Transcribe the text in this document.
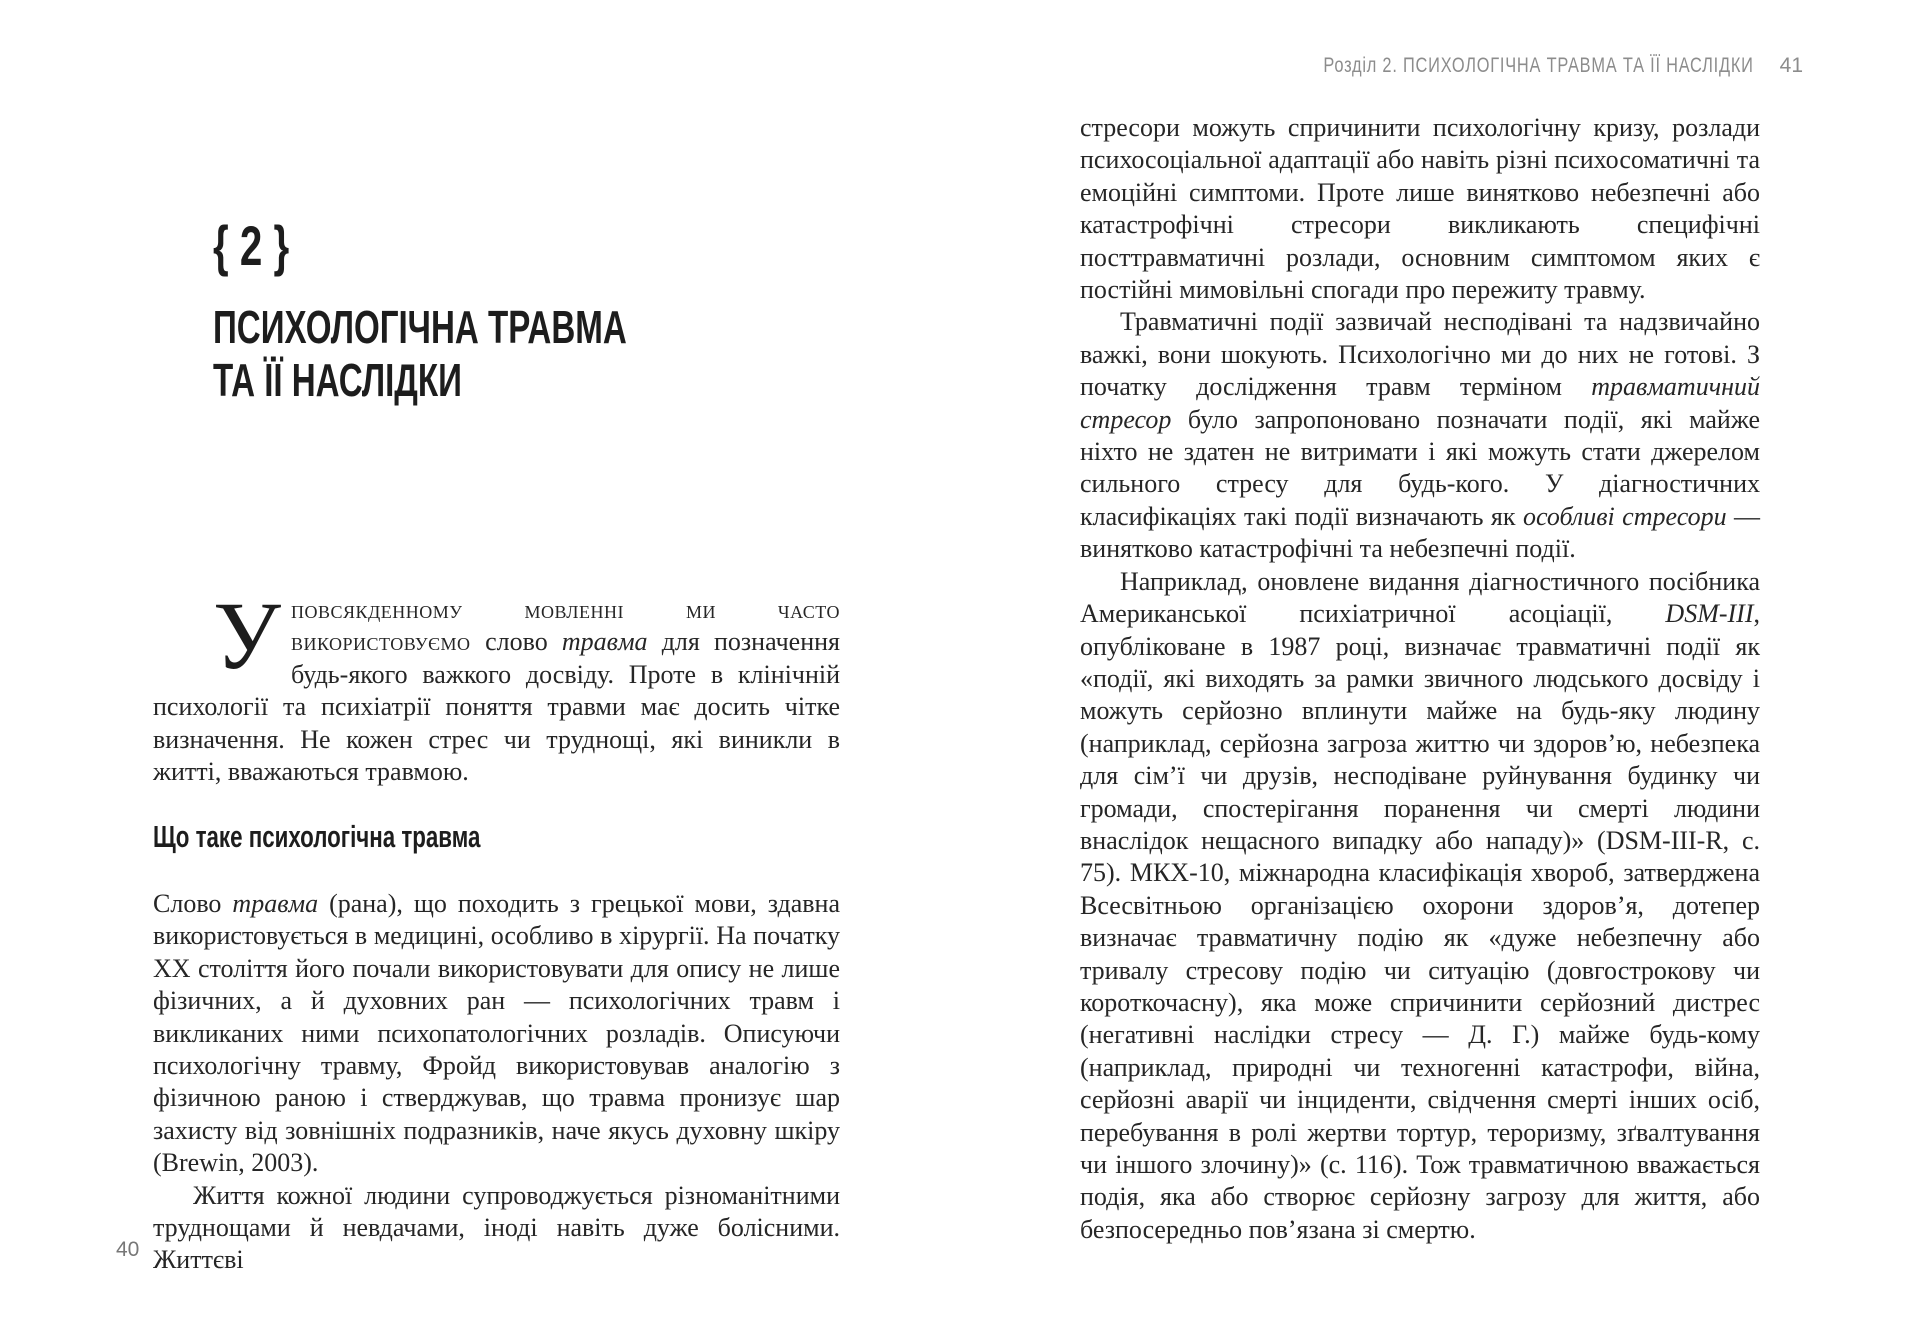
{ 2 }
ПСИХОЛОГІЧНА ТРАВМА
ТА ЇЇ НАСЛІДКИ

Уповсякденному мовленні ми часто використовуємо слово травма для позначення будь-якого важкого досвіду. Проте в клінічній психології та психіатрії поняття травми має досить чітке визначення. Не кожен стрес чи труднощі, які виникли в житті, вважаються травмою.

Що таке психологічна травма

Слово травма (рана), що походить з грецької мови, здавна використовується в медицині, особливо в хірургії. На початку ХХ століття його почали використовувати для опису не лише фізичних, а й духовних ран — психологічних травм і викликаних ними психопатологічних розладів. Описуючи психологічну травму, Фройд використовував аналогію з фізичною раною і стверджував, що травма пронизує шар захисту від зовнішніх подразників, наче якусь духовну шкіру (Brewin, 2003).

Життя кожної людини супроводжується різноманітними труднощами й невдачами, іноді навіть дуже болісними. Життєві

40
Розділ 2. ПСИХОЛОГІЧНА ТРАВМА ТА ЇЇ НАСЛІДКИ 41

стресори можуть спричинити психологічну кризу, розлади психосоціальної адаптації або навіть різні психосоматичні та емоційні симптоми. Проте лише винятково небезпечні або катастрофічні стресори викликають специфічні посттравматичні розлади, основним симптомом яких є постійні мимовільні спогади про пережиту травму.

Травматичні події зазвичай несподівані та надзвичайно важкі, вони шокують. Психологічно ми до них не готові. З початку дослідження травм терміном травматичний стресор було запропоновано позначати події, які майже ніхто не здатен не витримати і які можуть стати джерелом сильного стресу для будь-кого. У діагностичних класифікаціях такі події визначають як особливі стресори — винятково катастрофічні та небезпечні події.

Наприклад, оновлене видання діагностичного посібника Американської психіатричної асоціації, DSM-III, опубліковане в 1987 році, визначає травматичні події як «події, які виходять за рамки звичного людського досвіду і можуть серйозно вплинути майже на будь-яку людину (наприклад, серйозна загроза життю чи здоров’ю, небезпека для сім’ї чи друзів, несподіване руйнування будинку чи громади, спостерігання поранення чи смерті людини внаслідок нещасного випадку або нападу)» (DSM-III-R, с. 75). МКХ-10, міжнародна класифікація хвороб, затверджена Всесвітньою організацією охорони здоров’я, дотепер визначає травматичну подію як «дуже небезпечну або тривалу стресову подію чи ситуацію (довгострокову чи короткочасну), яка може спричинити серйозний дистрес (негативні наслідки стресу — Д. Г.) майже будь-кому (наприклад, природні чи техногенні катастрофи, війна, серйозні аварії чи інциденти, свідчення смерті інших осіб, перебування в ролі жертви тортур, тероризму, зґвалтування чи іншого злочину)» (с. 116). Тож травматичною вважається подія, яка або створює серйозну загрозу для життя, або безпосередньо пов’язана зі смертю.
